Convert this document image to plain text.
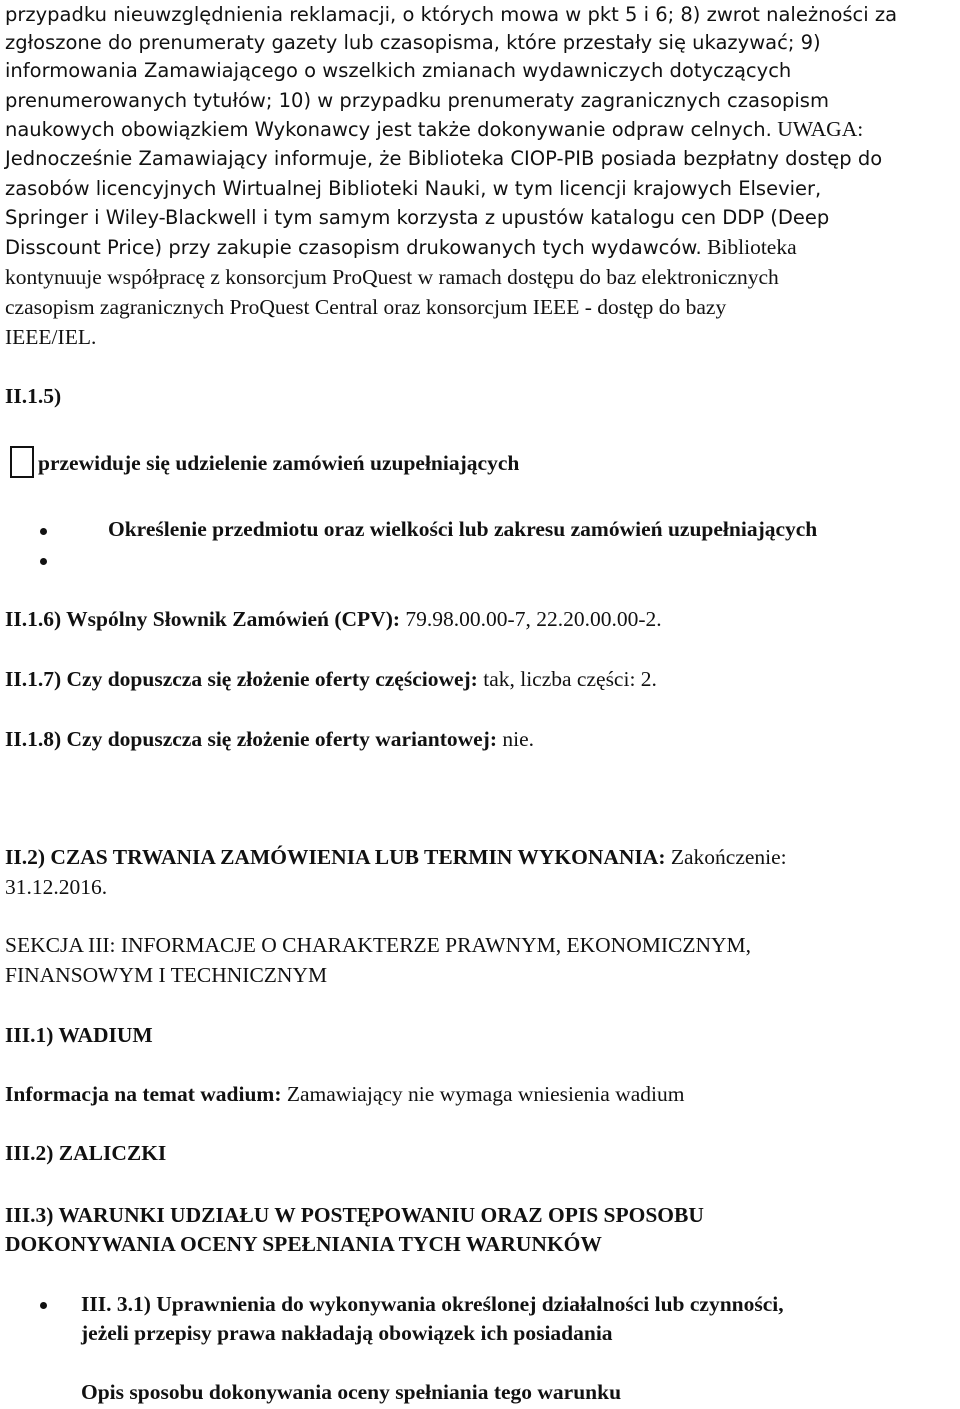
przypadku nieuwzględnienia reklamacji, o których mowa w pkt 5 i 6; 8) zwrot należności za
zgłoszone do prenumeraty gazety lub czasopisma, które przestały się ukazywać; 9)
informowania Zamawiającego o wszelkich zmianach wydawniczych dotyczących
prenumerowanych tytułów; 10) w przypadku prenumeraty zagranicznych czasopism
naukowych obowiązkiem Wykonawcy jest także dokonywanie odpraw celnych. UWAGA:
Jednocześnie Zamawiający informuje, że Biblioteka CIOP-PIB posiada bezpłatny dostęp do
zasobów licencyjnych Wirtualnej Biblioteki Nauki, w tym licencji krajowych Elsevier,
Springer i Wiley-Blackwell i tym samym korzysta z upustów katalogu cen DDP (Deep
Disscount Price) przy zakupie czasopism drukowanych tych wydawców. Biblioteka
kontynuuje współpracę z konsorcjum ProQuest w ramach dostępu do baz elektronicznych
czasopism zagranicznych ProQuest Central oraz konsorcjum IEEE - dostęp do bazy
IEEE/IEL.
II.1.5)
przewiduje się udzielenie zamówień uzupełniających
Określenie przedmiotu oraz wielkości lub zakresu zamówień uzupełniających
II.1.6) Wspólny Słownik Zamówień (CPV): 79.98.00.00-7, 22.20.00.00-2.
II.1.7) Czy dopuszcza się złożenie oferty częściowej: tak, liczba części: 2.
II.1.8) Czy dopuszcza się złożenie oferty wariantowej: nie.
II.2) CZAS TRWANIA ZAMÓWIENIA LUB TERMIN WYKONANIA: Zakończenie:
31.12.2016.
SEKCJA III: INFORMACJE O CHARAKTERZE PRAWNYM, EKONOMICZNYM,
FINANSOWYM I TECHNICZNYM
III.1) WADIUM
Informacja na temat wadium: Zamawiający nie wymaga wniesienia wadium
III.2) ZALICZKI
III.3) WARUNKI UDZIAŁU W POSTĘPOWANIU ORAZ OPIS SPOSOBU
DOKONYWANIA OCENY SPEŁNIANIA TYCH WARUNKÓW
III. 3.1) Uprawnienia do wykonywania określonej działalności lub czynności,
jeżeli przepisy prawa nakładają obowiązek ich posiadania
Opis sposobu dokonywania oceny spełniania tego warunku
